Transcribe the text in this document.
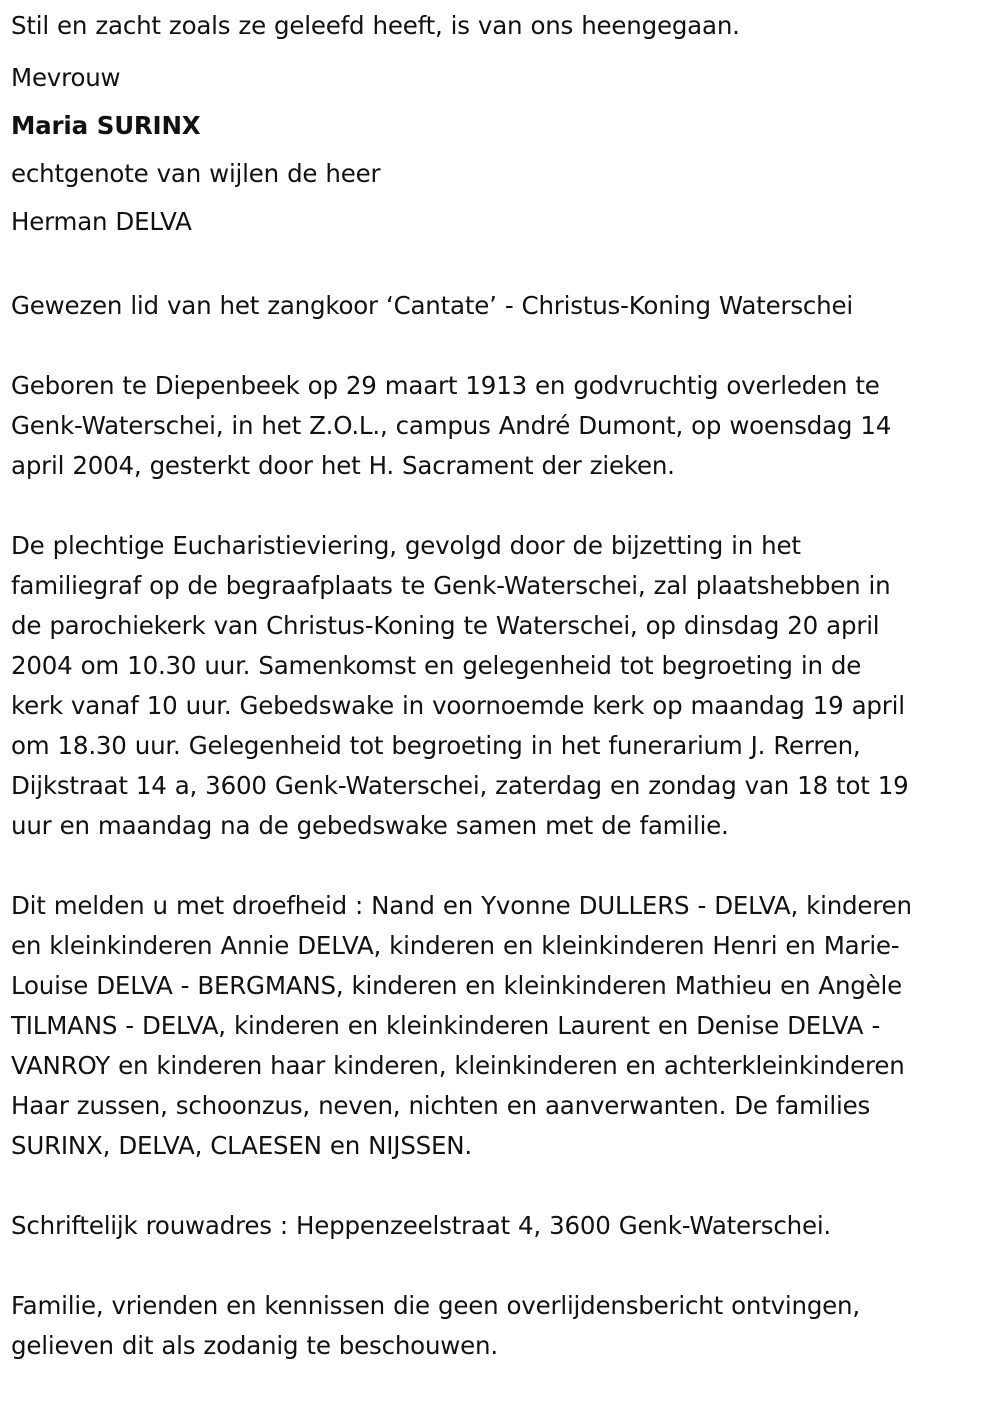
Stil en zacht zoals ze geleefd heeft, is van ons heengegaan.

Mevrouw

Maria SURINX

echtgenote van wijlen de heer

Herman DELVA

Gewezen lid van het zangkoor ‘Cantate’ - Christus-Koning Waterschei

Geboren te Diepenbeek op 29 maart 1913 en godvruchtig overleden te

Genk-Waterschei, in het Z.O.L., campus André Dumont, op woensdag 14

april 2004, gesterkt door het H. Sacrament der zieken.

De plechtige Eucharistieviering, gevolgd door de bijzetting in het

familiegraf op de begraafplaats te Genk-Waterschei, zal plaatshebben in

de parochiekerk van Christus-Koning te Waterschei, op dinsdag 20 april

2004 om 10.30 uur. Samenkomst en gelegenheid tot begroeting in de

kerk vanaf 10 uur. Gebedswake in voornoemde kerk op maandag 19 april

om 18.30 uur. Gelegenheid tot begroeting in het funerarium J. Rerren,

Dijkstraat 14 a, 3600 Genk-Waterschei, zaterdag en zondag van 18 tot 19

uur en maandag na de gebedswake samen met de familie.

Dit melden u met droefheid : Nand en Yvonne DULLERS - DELVA, kinderen

en kleinkinderen Annie DELVA, kinderen en kleinkinderen Henri en Marie-

Louise DELVA - BERGMANS, kinderen en kleinkinderen Mathieu en Angèle

TILMANS - DELVA, kinderen en kleinkinderen Laurent en Denise DELVA -

VANROY en kinderen haar kinderen, kleinkinderen en achterkleinkinderen

Haar zussen, schoonzus, neven, nichten en aanverwanten. De families

SURINX, DELVA, CLAESEN en NIJSSEN.

Schriftelijk rouwadres : Heppenzeelstraat 4, 3600 Genk-Waterschei.

Familie, vrienden en kennissen die geen overlijdensbericht ontvingen,

gelieven dit als zodanig te beschouwen.
